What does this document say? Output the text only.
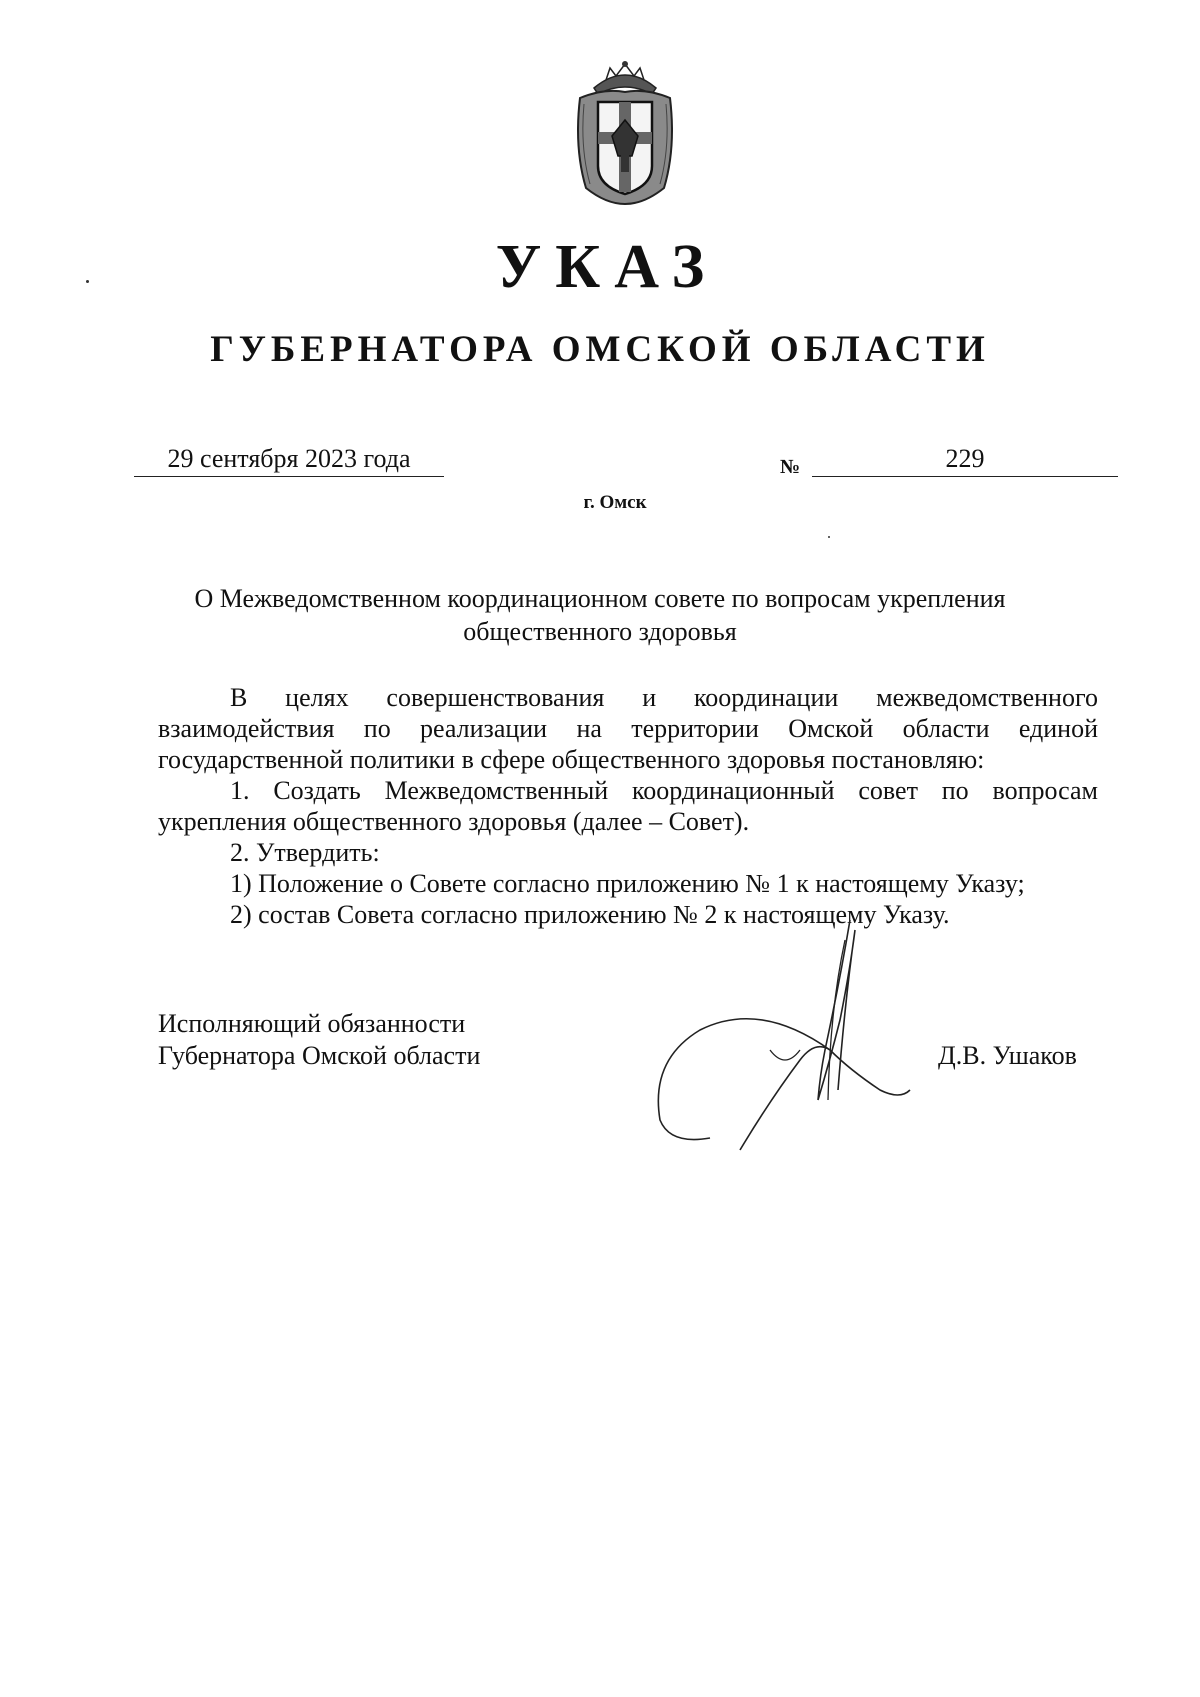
УКАЗ
ГУБЕРНАТОРА ОМСКОЙ ОБЛАСТИ
29 сентября 2023 года	№	229
г. Омск
О Межведомственном координационном совете по вопросам укрепления общественного здоровья

В целях совершенствования и координации межведомственного взаимодействия по реализации на территории Омской области единой государственной политики в сфере общественного здоровья постановляю:

1. Создать Межведомственный координационный совет по вопросам укрепления общественного здоровья (далее – Совет).

2. Утвердить:

1) Положение о Совете согласно приложению № 1 к настоящему Указу;

2) состав Совета согласно приложению № 2 к настоящему Указу.

Исполняющий обязанности
Губернатора Омской области	Д.В. Ушаков
